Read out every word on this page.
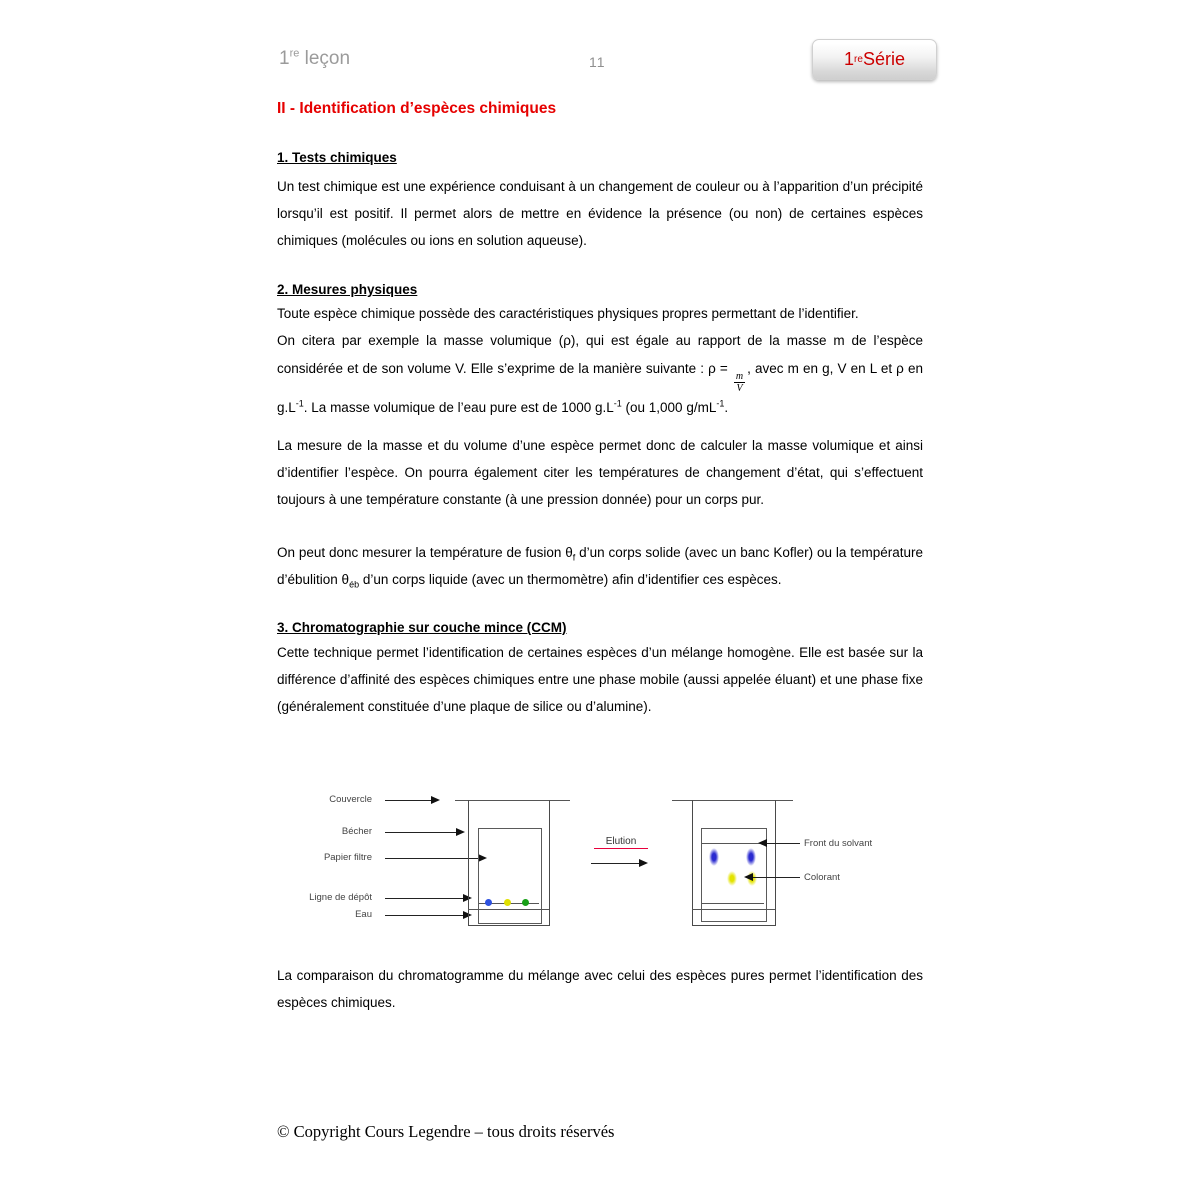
1re leçon	11	1 re Série
II - Identification d’espèces chimiques
1. Tests chimiques
Un test chimique est une expérience conduisant à un changement de couleur ou à l’apparition d’un précipité lorsqu’il est positif. Il permet alors de mettre en évidence la présence (ou non) de certaines espèces chimiques (molécules ou ions en solution aqueuse).
2. Mesures physiques
Toute espèce chimique possède des caractéristiques physiques propres permettant de l’identifier.
On citera par exemple la masse volumique (ρ), qui est égale au rapport de la masse m de l’espèce considérée et de son volume V. Elle s’exprime de la manière suivante : ρ =
$\frac{m}{V}$
, avec m en g, V en L et ρ en $g.L^{-1}$. La masse volumique de l’eau pure est de 1000 $g.L^{-1}$ (ou 1,000 $g/mL^{-1}$.
La mesure de la masse et du volume d’une espèce permet donc de calculer la masse volumique et ainsi d’identifier l’espèce. On pourra également citer les températures de changement d’état, qui s’effectuent toujours à une température constante (à une pression donnée) pour un corps pur.
On peut donc mesurer la température de fusion $\theta_f$ d’un corps solide (avec un banc Kofler) ou la température d’ébulition $\theta_{éb}$ d’un corps liquide (avec un thermomètre) afin d’identifier ces espèces.
3. Chromatographie sur couche mince (CCM)
Cette technique permet l’identification de certaines espèces d’un mélange homogène. Elle est basée sur la différence d’affinité des espèces chimiques entre une phase mobile (aussi appelée éluant) et une phase fixe (généralement constituée d’une plaque de silice ou d’alumine).
Couvercle
Bécher
Papier filtre
Ligne de dépôt
Eau
Elution	Front du solvant
Colorant
La comparaison du chromatogramme du mélange avec celui des espèces pures permet l’identification des espèces chimiques.
© Copyright Cours Legendre – tous droits réservés
